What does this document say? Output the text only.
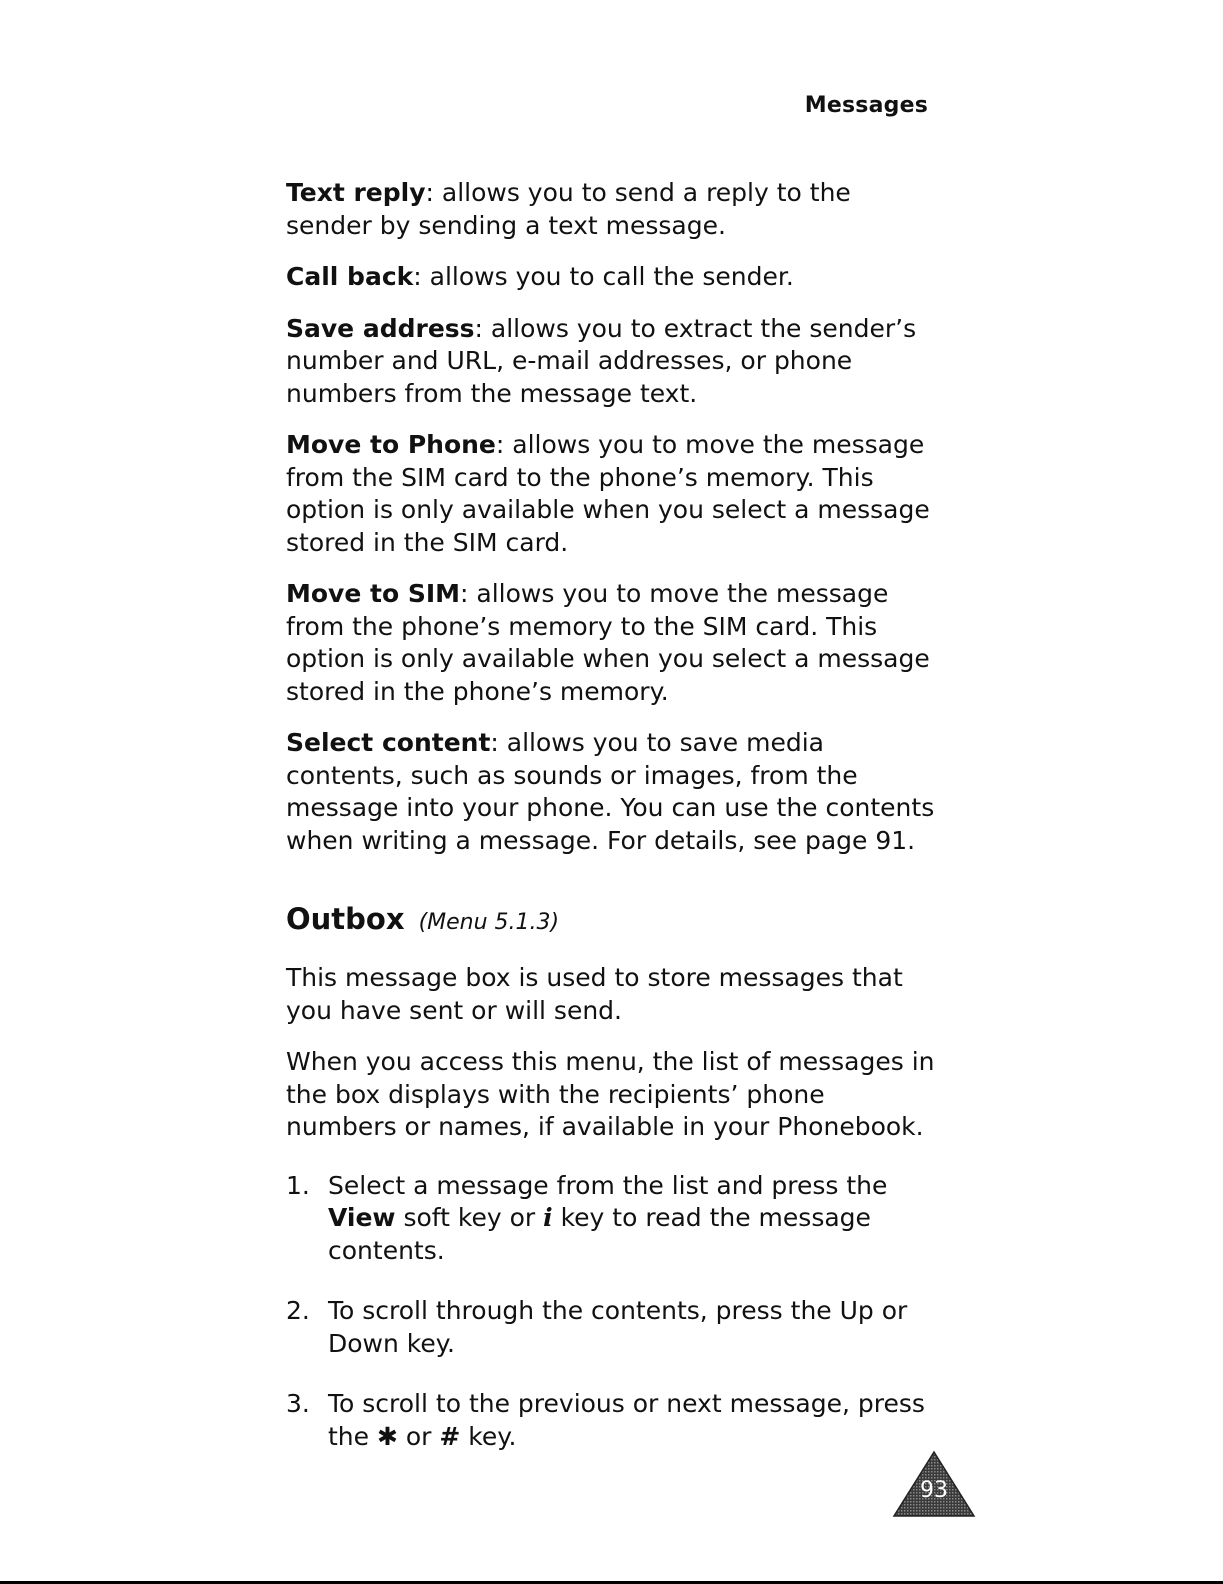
Messages

Text reply: allows you to send a reply to the sender by sending a text message.

Call back: allows you to call the sender.

Save address: allows you to extract the sender’s number and URL, e-mail addresses, or phone numbers from the message text.

Move to Phone: allows you to move the message from the SIM card to the phone’s memory. This option is only available when you select a message stored in the SIM card.

Move to SIM: allows you to move the message from the phone’s memory to the SIM card. This option is only available when you select a message stored in the phone’s memory.

Select content: allows you to save media contents, such as sounds or images, from the message into your phone. You can use the contents when writing a message. For details, see page 91.

Outbox (Menu 5.1.3)

This message box is used to store messages that you have sent or will send.

When you access this menu, the list of messages in the box displays with the recipients’ phone numbers or names, if available in your Phonebook.

1. Select a message from the list and press the View soft key or i key to read the message contents.
2. To scroll through the contents, press the Up or Down key.
3. To scroll to the previous or next message, press the ✱ or # key.
93
